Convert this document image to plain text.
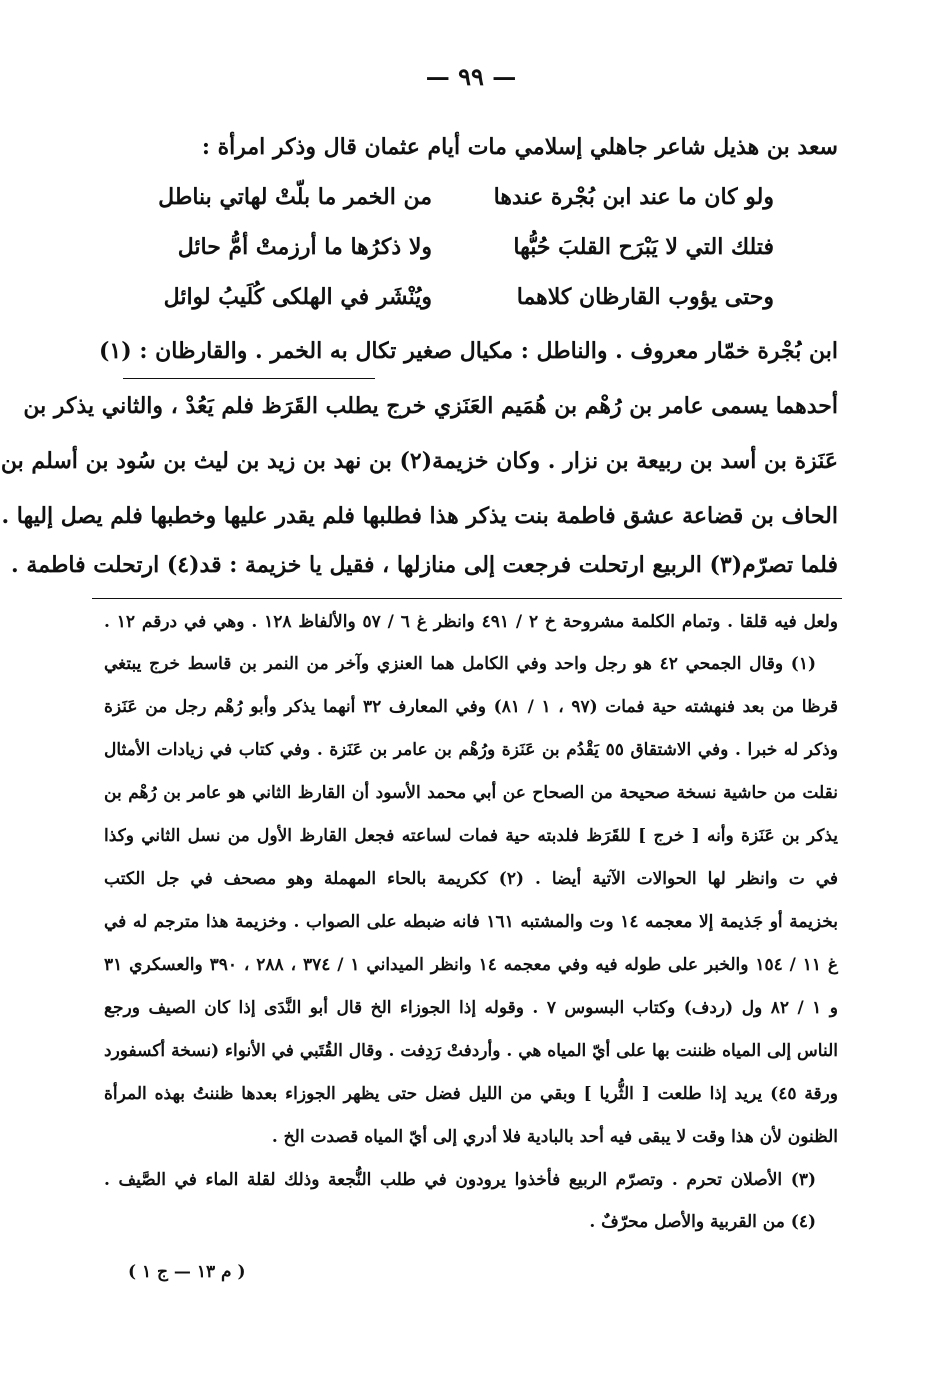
— ٩٩ —
سعد بن هذيل شاعر جاهلي إسلامي مات أيام عثمان قال وذكر امرأة :
ولو كان ما عند ابن بُجْرة عندها
من الخمر ما بلّتْ لهاتي بناطل
فتلك التي لا يَبْرَح القلبَ حُبُّها
ولا ذكرُها ما أرزمتْ أمُّ حائل
وحتى يؤوب القارظان كلاهما
ويُنْشَر في الهلكى كُلَيبُ لوائل
ابن بُجْرة خمّار معروف . والناطل : مكيال صغير تكال به الخمر . والقارظان : (١)
أحدهما يسمى عامر بن رُهْم بن هُمَيم العَنَزي خرج يطلب القَرَظ فلم يَعُدْ ، والثاني يذكر بن
عَنَزة بن أسد بن ربيعة بن نزار . وكان خزيمة(٢) بن نهد بن زيد بن ليث بن سُود بن أسلم بن
الحاف بن قضاعة عشق فاطمة بنت يذكر هذا فطلبها فلم يقدر عليها وخطبها فلم يصل إليها .
فلما تصرّم(٣) الربيع ارتحلت فرجعت إلى منازلها ، فقيل يا خزيمة : قد(٤) ارتحلت فاطمة .
ولعل فيه قلقا . وتمام الكلمة مشروحة خ ٢ / ٤٩١ وانظر غ ٦ / ٥٧ والألفاظ ١٢٨ . وهي في درقم ١٢ .
(١) وقال الجمحي ٤٢ هو رجل واحد وفي الكامل هما العنزي وآخر من النمر بن قاسط خرج يبتغي
قرظا من بعد فنهشته حية فمات (٩٧ ، ١ / ٨١) وفي المعارف ٣٢ أنهما يذكر وأبو رُهْم رجل من عَنَزة
وذكر له خبرا . وفي الاشتقاق ٥٥ يَقْدُم بن عَنَزة ورُهْم بن عامر بن عَنَزة . وفي كتاب في زيادات الأمثال
نقلت من حاشية نسخة صحيحة من الصحاح عن أبي محمد الأسود أن القارظ الثاني هو عامر بن رُهْم بن
يذكر بن عَنَزة وأنه [ خرج ] للقَرَظ فلدبته حية فمات لساعته فجعل القارظ الأول من نسل الثاني وكذا
في ت وانظر لها الحوالات الآتية أيضا . (٢) ككريمة بالحاء المهملة وهو مصحف في جل الكتب
بخزيمة أو جَذيمة إلا معجمه ١٤ وت والمشتبه ١٦١ فانه ضبطه على الصواب . وخزيمة هذا مترجم له في
غ ١١ / ١٥٤ والخبر على طوله فيه وفي معجمه ١٤ وانظر الميداني ١ / ٣٧٤ ، ٢٨٨ ، ٣٩٠ والعسكري ٣١
و ١ / ٨٢ ول (ردف) وكتاب البسوس ٧ . وقوله إذا الجوزاء الخ قال أبو النَّدَى إذا كان الصيف ورجع
الناس إلى المياه ظننت بها على أيّ المياه هي . وأردفتْ رَدِفت . وقال القُتَبي في الأنواء (نسخة أكسفورد
ورقة ٤٥) يريد إذا طلعت [ الثُّريا ] وبقي من الليل فضل حتى يظهر الجوزاء بعدها ظننتُ بهذه المرأة
الظنون لأن هذا وقت لا يبقى فيه أحد بالبادية فلا أدري إلى أيّ المياه قصدت الخ .
(٣) الأصلان تحرم . وتصرّم الربيع فأخذوا يرودون في طلب النُّجعة وذلك لقلة الماء في الصَّيف .
(٤) من القربية والأصل محرّفٌ .
( م ١٣ — ج ١ )
